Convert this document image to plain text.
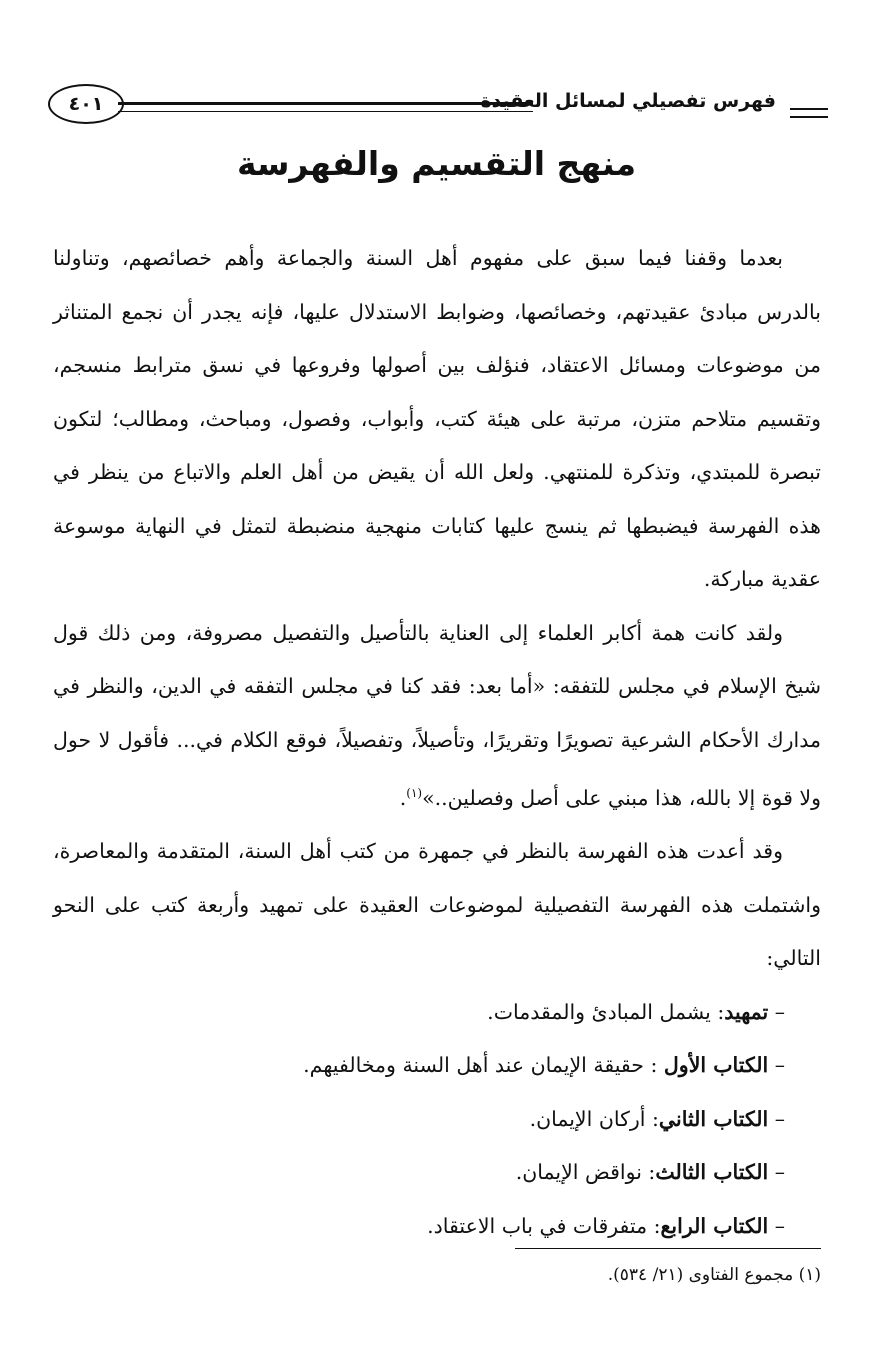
فهرس تفصيلي لمسائل العقيدة
٤٠١
منهج التقسيم والفهرسة

بعدما وقفنا فيما سبق على مفهوم أهل السنة والجماعة وأهم خصائصهم، وتناولنا بالدرس مبادئ عقيدتهم، وخصائصها، وضوابط الاستدلال عليها، فإنه يجدر أن نجمع المتناثر من موضوعات ومسائل الاعتقاد، فنؤلف بين أصولها وفروعها في نسق مترابط منسجم، وتقسيم متلاحم متزن، مرتبة على هيئة كتب، وأبواب، وفصول، ومباحث، ومطالب؛ لتكون تبصرة للمبتدي، وتذكرة للمنتهي. ولعل الله أن يقيض من أهل العلم والاتباع من ينظر في هذه الفهرسة فيضبطها ثم ينسج عليها كتابات منهجية منضبطة لتمثل في النهاية موسوعة عقدية مباركة.

ولقد كانت همة أكابر العلماء إلى العناية بالتأصيل والتفصيل مصروفة، ومن ذلك قول شيخ الإسلام في مجلس للتفقه: «أما بعد: فقد كنا في مجلس التفقه في الدين، والنظر في مدارك الأحكام الشرعية تصويرًا وتقريرًا، وتأصيلاً، وتفصيلاً، فوقع الكلام في... فأقول لا حول ولا قوة إلا بالله، هذا مبني على أصل وفصلين..»$^{(١)}$.

وقد أعدت هذه الفهرسة بالنظر في جمهرة من كتب أهل السنة، المتقدمة والمعاصرة، واشتملت هذه الفهرسة التفصيلية لموضوعات العقيدة على تمهيد وأربعة كتب على النحو التالي:

– تمهيد: يشمل المبادئ والمقدمات.
– الكتاب الأول : حقيقة الإيمان عند أهل السنة ومخالفيهم.
– الكتاب الثاني: أركان الإيمان.
– الكتاب الثالث: نواقض الإيمان.
– الكتاب الرابع: متفرقات في باب الاعتقاد.
(١) مجموع الفتاوى (٢١/ ٥٣٤).
